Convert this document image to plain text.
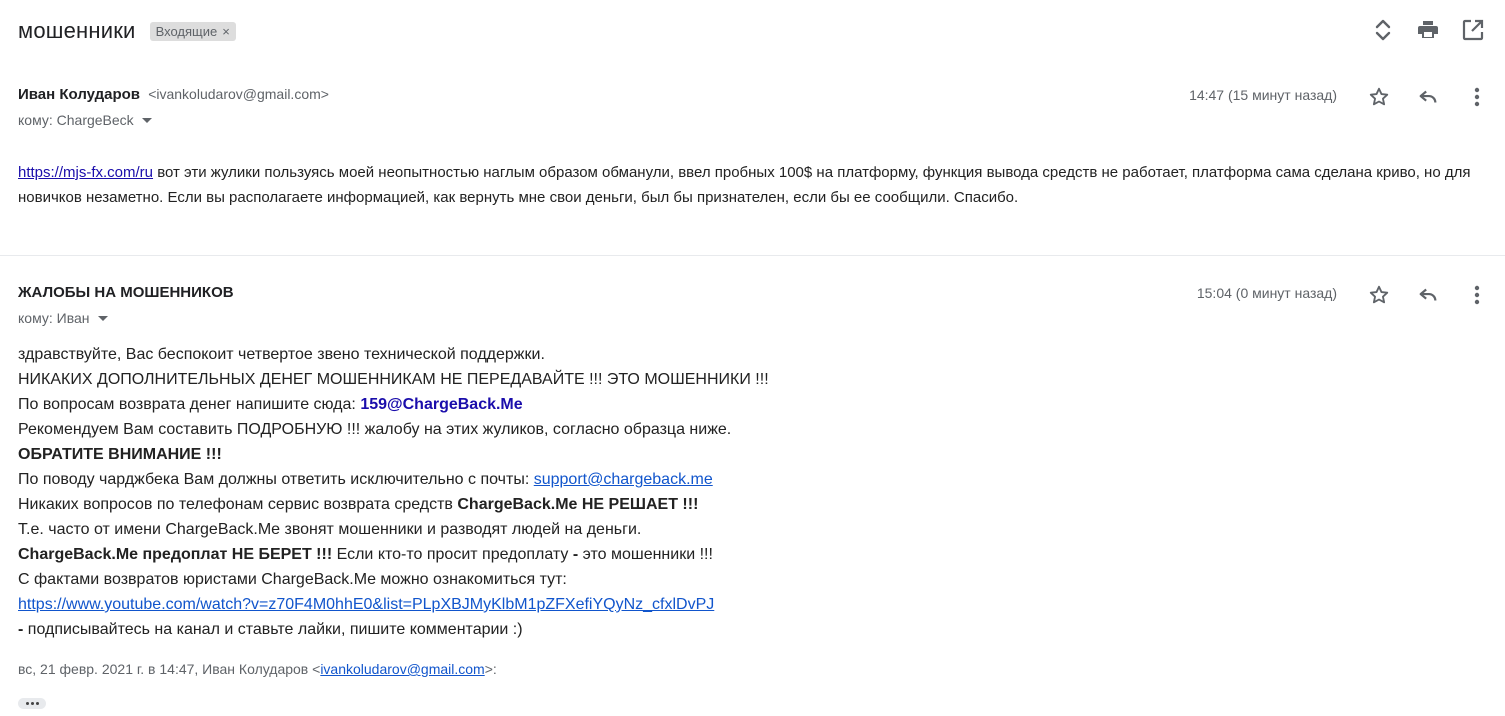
мошенники Входящие ×
Иван Колударов <ivankoludarov@gmail.com>
кому: ChargeBeck
14:47 (15 минут назад)
https://mjs-fx.com/ru вот эти жулики пользуясь моей неопытностью наглым образом обманули, ввел пробных 100$ на платформу, функция вывода средств не работает, платформа сама сделана криво, но для новичков незаметно. Если вы располагаете информацией, как вернуть мне свои деньги, был бы признателен, если бы ее сообщили. Спасибо.
ЖАЛОБЫ НА МОШЕННИКОВ
кому: Иван
15:04 (0 минут назад)
здравствуйте, Вас беспокоит четвертое звено технической поддержки.
НИКАКИХ ДОПОЛНИТЕЛЬНЫХ ДЕНЕГ МОШЕННИКАМ НЕ ПЕРЕДАВАЙТЕ !!! ЭТО МОШЕННИКИ !!!
По вопросам возврата денег напишите сюда: 159@ChargeBack.Me
Рекомендуем Вам составить ПОДРОБНУЮ !!! жалобу на этих жуликов, согласно образца ниже.
ОБРАТИТЕ ВНИМАНИЕ !!!
По поводу чарджбека Вам должны ответить исключительно с почты: support@chargeback.me
Никаких вопросов по телефонам сервис возврата средств ChargeBack.Me НЕ РЕШАЕТ !!!
Т.е. часто от имени ChargeBack.Me звонят мошенники и разводят людей на деньги.
ChargeBack.Me предоплат НЕ БЕРЕТ !!! Если кто-то просит предоплату - это мошенники !!!
С фактами возвратов юристами ChargeBack.Me можно ознакомиться тут:
https://www.youtube.com/watch?v=z70F4M0hhE0&list=PLpXBJMyKlbM1pZFXefiYQyNz_cfxlDvPJ
- подписывайтесь на канал и ставьте лайки, пишите комментарии :)
вс, 21 февр. 2021 г. в 14:47, Иван Колударов <ivankoludarov@gmail.com>:
